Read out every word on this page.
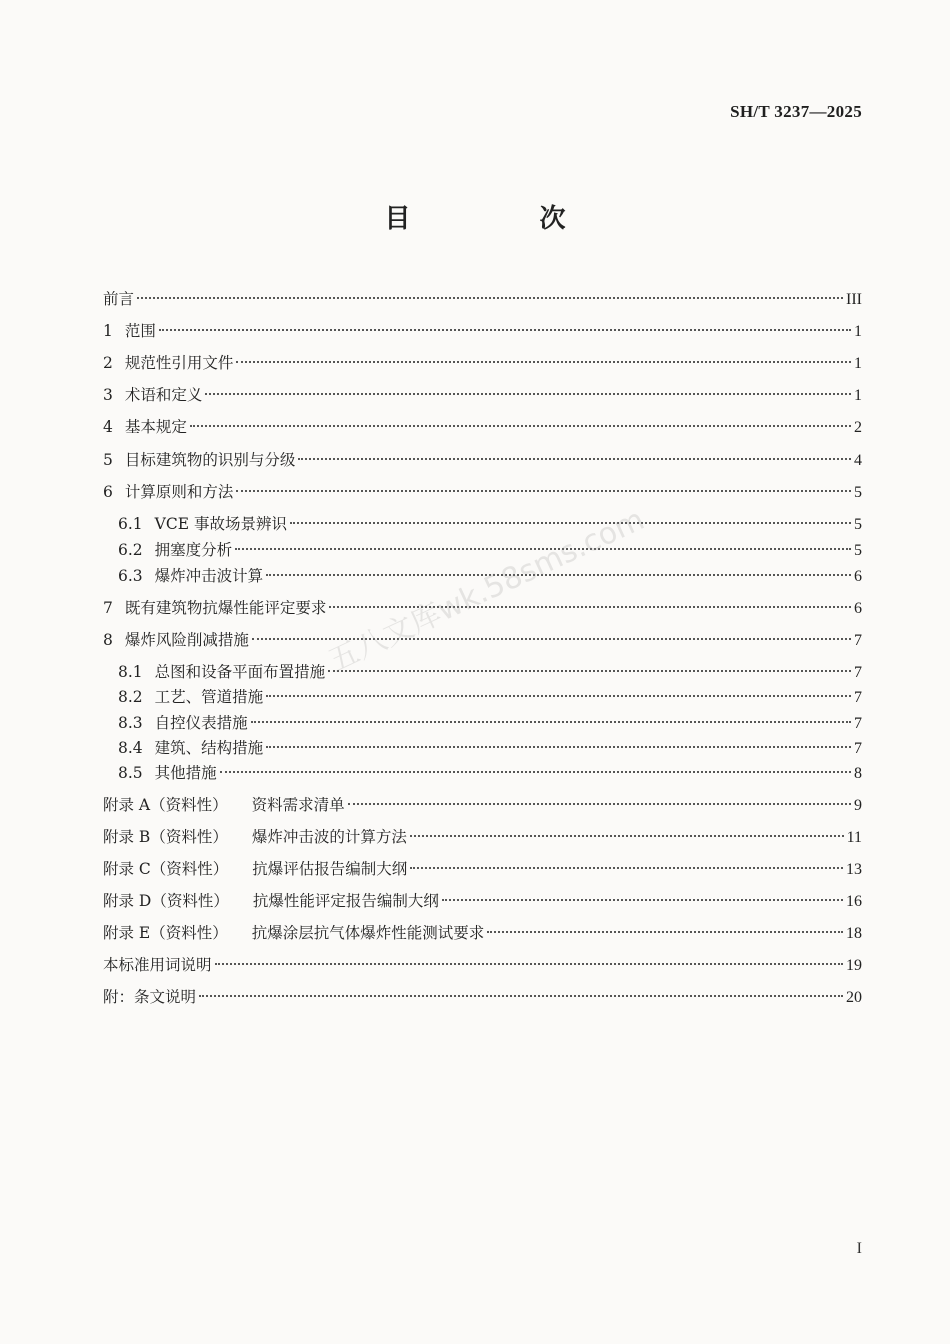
SH/T 3237—2025
目 次
前言	III
1 范围	1
2 规范性引用文件	1
3 术语和定义	1
4 基本规定	2
5 目标建筑物的识别与分级	4
6 计算原则和方法	5
6.1 VCE 事故场景辨识	5
6.2 拥塞度分析	5
6.3 爆炸冲击波计算	6
7 既有建筑物抗爆性能评定要求	6
8 爆炸风险削减措施	7
8.1 总图和设备平面布置措施	7
8.2 工艺、管道措施	7
8.3 自控仪表措施	7
8.4 建筑、结构措施	7
8.5 其他措施	8
附录 A（资料性） 资料需求清单	9
附录 B（资料性） 爆炸冲击波的计算方法	11
附录 C（资料性） 抗爆评估报告编制大纲	13
附录 D（资料性） 抗爆性能评定报告编制大纲	16
附录 E（资料性） 抗爆涂层抗气体爆炸性能测试要求	18
本标准用词说明	19
附：条文说明	20
五八文库wk.58sms.com
I
